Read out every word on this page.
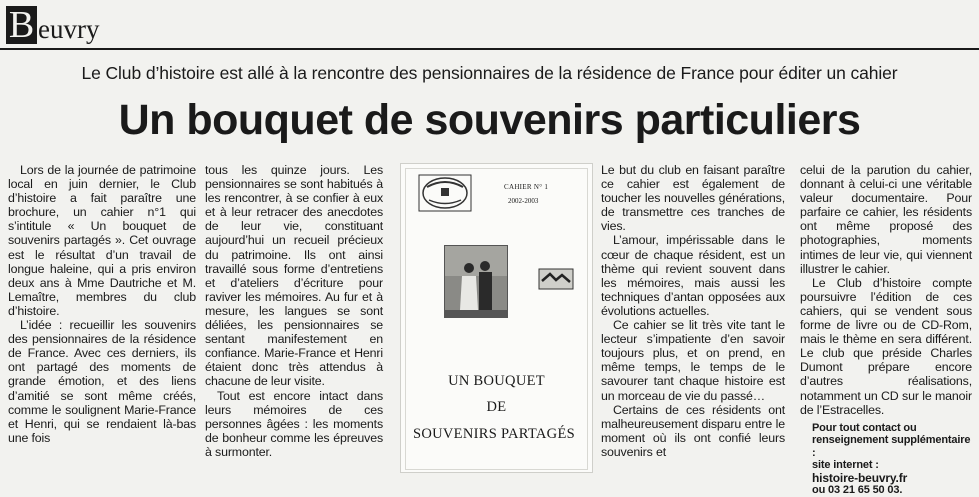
B euvry
Le Club d’histoire est allé à la rencontre des pensionnaires de la résidence de France pour éditer un cahier
Un bouquet de souvenirs particuliers

Lors de la journée de patrimoine local en juin dernier, le Club d’histoire a fait paraître une brochure, un cahier n°1 qui s’intitule « Un bouquet de souvenirs partagés ». Cet ouvrage est le résultat d’un travail de longue haleine, qui a pris environ deux ans à Mme Dautriche et M. Lemaître, membres du club d’histoire.

L’idée : recueillir les souvenirs des pensionnaires de la résidence de France. Avec ces derniers, ils ont partagé des moments de grande émotion, et des liens d’amitié se sont même créés, comme le soulignent Marie-France et Henri, qui se rendaient là-bas une fois

tous les quinze jours. Les pensionnaires se sont habitués à les rencontrer, à se confier à eux et à leur retracer des anecdotes de leur vie, constituant aujourd’hui un recueil précieux du patrimoine. Ils ont ainsi travaillé sous forme d’entretiens et d’ateliers d’écriture pour raviver les mémoires. Au fur et à mesure, les langues se sont déliées, les pensionnaires se sentant manifestement en confiance. Marie-France et Henri étaient donc très attendus à chacune de leur visite.

Tout est encore intact dans leurs mémoires de ces personnes âgées : les moments de bonheur comme les épreuves à surmonter.

CAHIER N° 1
2002-2003
UN BOUQUET
DE
SOUVENIRS PARTAGÉS

Le but du club en faisant paraître ce cahier est également de toucher les nouvelles générations, de transmettre ces tranches de vies.

L’amour, impérissable dans le cœur de chaque résident, est un thème qui revient souvent dans les mémoires, mais aussi les techniques d’antan opposées aux évolutions actuelles.

Ce cahier se lit très vite tant le lecteur s’impatiente d’en savoir toujours plus, et on prend, en même temps, le temps de le savourer tant chaque histoire est un morceau de vie du passé…

Certains de ces résidents ont malheureusement disparu entre le moment où ils ont confié leurs souvenirs et

celui de la parution du cahier, donnant à celui-ci une véritable valeur documentaire. Pour parfaire ce cahier, les résidents ont même proposé des photographies, moments intimes de leur vie, qui viennent illustrer le cahier.

Le Club d’histoire compte poursuivre l’édition de ces cahiers, qui se vendent sous forme de livre ou de CD-Rom, mais le thème en sera différent. Le club que préside Charles Dumont prépare encore d’autres réalisations, notamment un CD sur le manoir de l’Estracelles.

Pour tout contact ou renseignement supplémentaire :
site internet :
histoire-beuvry.fr
ou 03 21 65 50 03.
